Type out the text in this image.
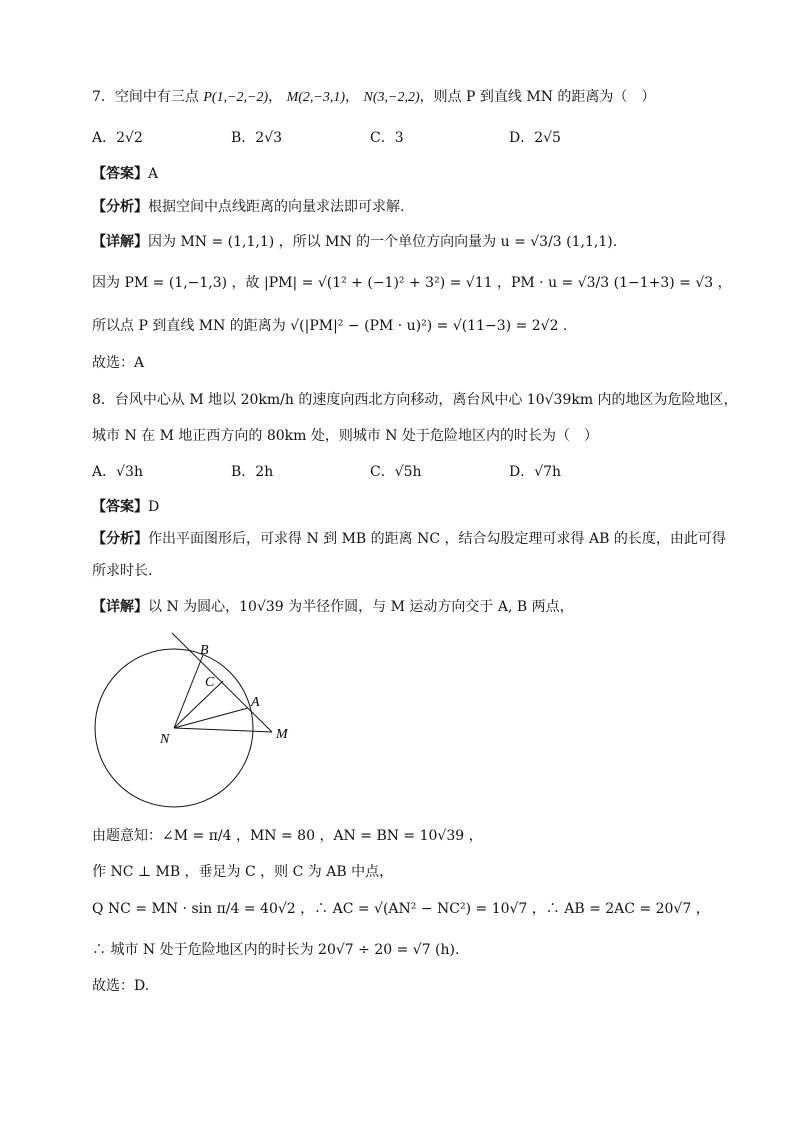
7．空间中有三点 P(1,−2,−2)， M(2,−3,1)， N(3,−2,2)，则点 P 到直线 MN 的距离为（　）
A．2√2	B．2√3	C．3	D．2√5
【答案】A
【分析】根据空间中点线距离的向量求法即可求解.
【详解】因为 MN = (1,1,1) ，所以 MN 的一个单位方向向量为 u = √3/3 (1,1,1).
因为 PM = (1,−1,3) ，故 |PM| = √(1² + (−1)² + 3²) = √11 ，PM · u = √3/3 (1−1+3) = √3 ，
所以点 P 到直线 MN 的距离为 √(|PM|² − (PM · u)²) = √(11−3) = 2√2 .
故选：A
8．台风中心从 M 地以 20km/h 的速度向西北方向移动，离台风中心 10√39km 内的地区为危险地区，
城市 N 在 M 地正西方向的 80km 处，则城市 N 处于危险地区内的时长为（　）
A．√3h	B．2h	C．√5h	D．√7h
【答案】D
【分析】作出平面图形后，可求得 N 到 MB 的距离 NC ，结合勾股定理可求得 AB 的长度，由此可得
所求时长.
【详解】以 N 为圆心，10√39 为半径作圆，与 M 运动方向交于 A, B 两点，
B
C
A
N	M
由题意知：∠M = π/4 ，MN = 80 ，AN = BN = 10√39 ，
作 NC ⊥ MB ，垂足为 C ，则 C 为 AB 中点，
Q NC = MN · sin π/4 = 40√2 ，∴ AC = √(AN² − NC²) = 10√7 ，∴ AB = 2AC = 20√7 ，
∴ 城市 N 处于危险地区内的时长为 20√7 ÷ 20 = √7 (h).
故选：D.
